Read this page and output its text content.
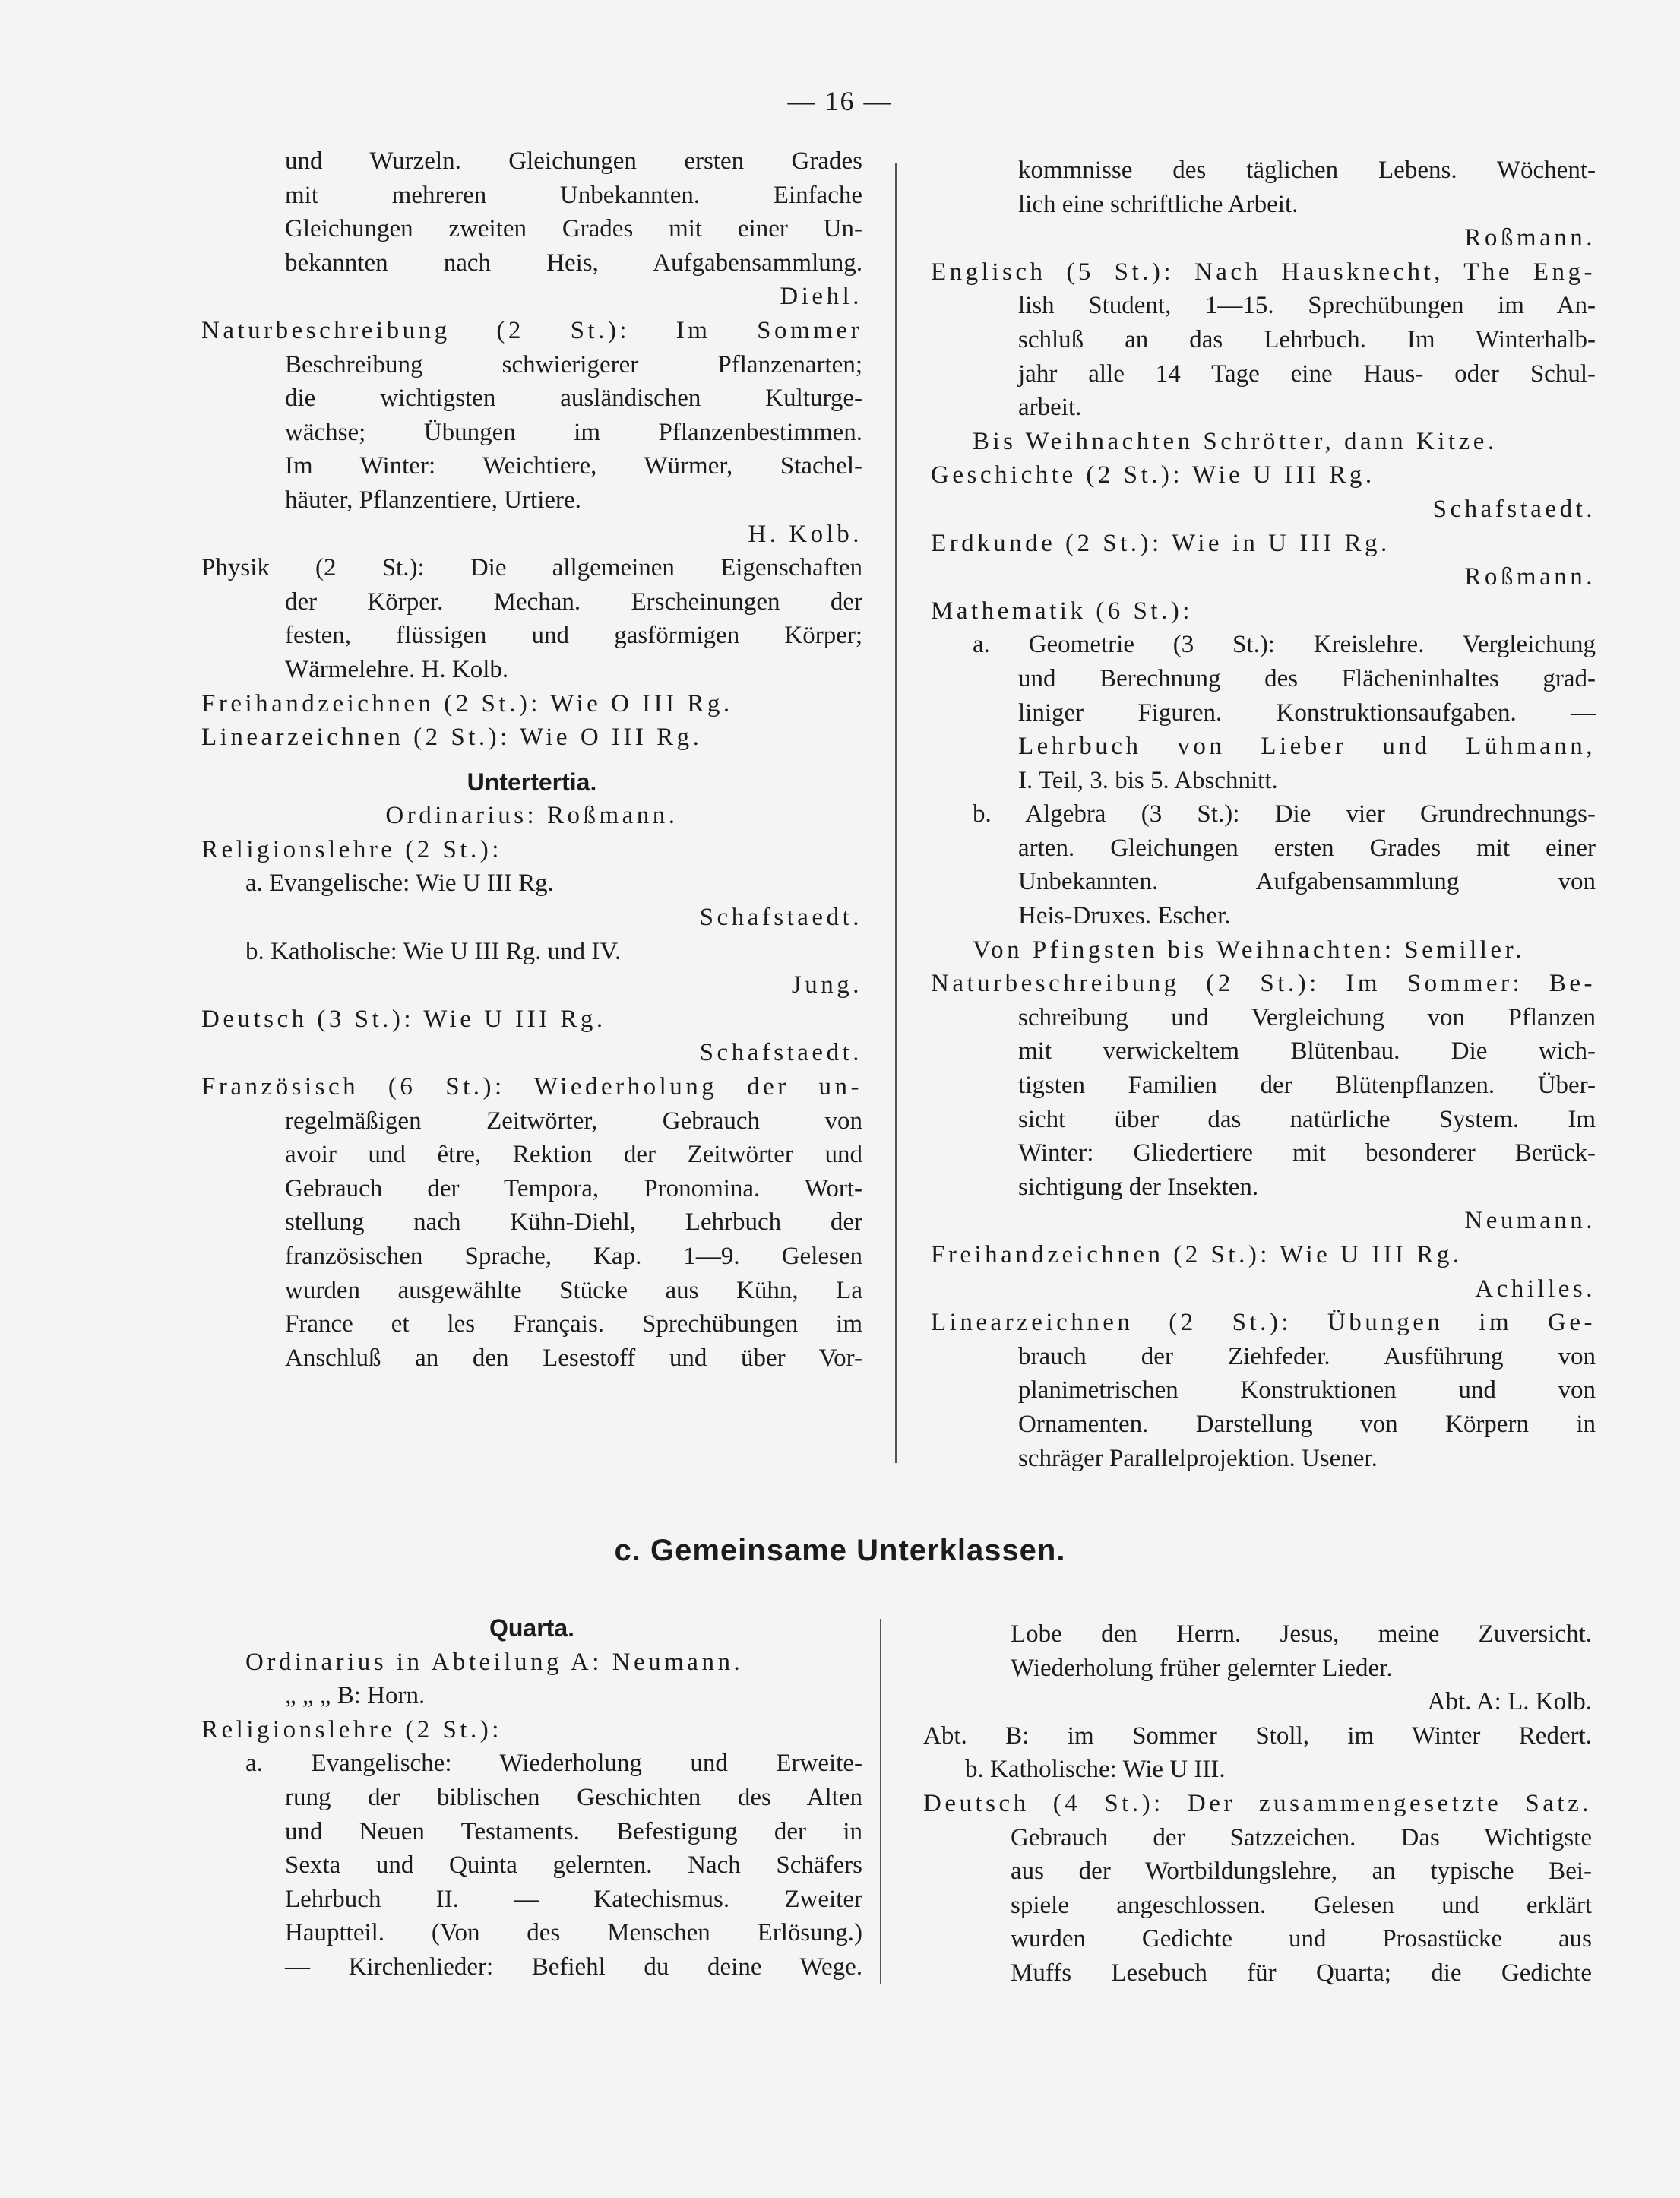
— 16 —
und Wurzeln. Gleichungen ersten Grades
mit mehreren Unbekannten. Einfache
Gleichungen zweiten Grades mit einer Un-
bekannten nach Heis, Aufgabensammlung.
Diehl.
Naturbeschreibung (2 St.): Im Sommer
Beschreibung schwierigerer Pflanzenarten;
die wichtigsten ausländischen Kulturge-
wächse; Übungen im Pflanzenbestimmen.
Im Winter: Weichtiere, Würmer, Stachel-
häuter, Pflanzentiere, Urtiere.
H. Kolb.
Physik (2 St.): Die allgemeinen Eigenschaften
der Körper. Mechan. Erscheinungen der
festen, flüssigen und gasförmigen Körper;
Wärmelehre. H. Kolb.
Freihandzeichnen (2 St.): Wie O III Rg.
Linearzeichnen (2 St.): Wie O III Rg.
Untertertia.
Ordinarius: Roßmann.
Religionslehre (2 St.):
a. Evangelische: Wie U III Rg.
Schafstaedt.
b. Katholische: Wie U III Rg. und IV.
Jung.
Deutsch (3 St.): Wie U III Rg.
Schafstaedt.
Französisch (6 St.): Wiederholung der un-
regelmäßigen Zeitwörter, Gebrauch von
avoir und être, Rektion der Zeitwörter und
Gebrauch der Tempora, Pronomina. Wort-
stellung nach Kühn-Diehl, Lehrbuch der
französischen Sprache, Kap. 1—9. Gelesen
wurden ausgewählte Stücke aus Kühn, La
France et les Français. Sprechübungen im
Anschluß an den Lesestoff und über Vor-
kommnisse des täglichen Lebens. Wöchent-
lich eine schriftliche Arbeit.
Roßmann.
Englisch (5 St.): Nach Hausknecht, The Eng-
lish Student, 1—15. Sprechübungen im An-
schluß an das Lehrbuch. Im Winterhalb-
jahr alle 14 Tage eine Haus- oder Schul-
arbeit.
Bis Weihnachten Schrötter, dann Kitze.
Geschichte (2 St.): Wie U III Rg.
Schafstaedt.
Erdkunde (2 St.): Wie in U III Rg.
Roßmann.
Mathematik (6 St.):
a. Geometrie (3 St.): Kreislehre. Vergleichung
und Berechnung des Flächeninhaltes grad-
liniger Figuren. Konstruktionsaufgaben. —
Lehrbuch von Lieber und Lühmann,
I. Teil, 3. bis 5. Abschnitt.
b. Algebra (3 St.): Die vier Grundrechnungs-
arten. Gleichungen ersten Grades mit einer
Unbekannten. Aufgabensammlung von
Heis-Druxes. Escher.
Von Pfingsten bis Weihnachten: Semiller.
Naturbeschreibung (2 St.): Im Sommer: Be-
schreibung und Vergleichung von Pflanzen
mit verwickeltem Blütenbau. Die wich-
tigsten Familien der Blütenpflanzen. Über-
sicht über das natürliche System. Im
Winter: Gliedertiere mit besonderer Berück-
sichtigung der Insekten.
Neumann.
Freihandzeichnen (2 St.): Wie U III Rg.
Achilles.
Linearzeichnen (2 St.): Übungen im Ge-
brauch der Ziehfeder. Ausführung von
planimetrischen Konstruktionen und von
Ornamenten. Darstellung von Körpern in
schräger Parallelprojektion. Usener.
c. Gemeinsame Unterklassen.
Quarta.
Ordinarius in Abteilung A: Neumann.
„ „ „ B: Horn.
Religionslehre (2 St.):
a. Evangelische: Wiederholung und Erweite-
rung der biblischen Geschichten des Alten
und Neuen Testaments. Befestigung der in
Sexta und Quinta gelernten. Nach Schäfers
Lehrbuch II. — Katechismus. Zweiter
Hauptteil. (Von des Menschen Erlösung.)
— Kirchenlieder: Befiehl du deine Wege.
Lobe den Herrn. Jesus, meine Zuversicht.
Wiederholung früher gelernter Lieder.
Abt. A: L. Kolb.
Abt. B: im Sommer Stoll, im Winter Redert.
b. Katholische: Wie U III.
Deutsch (4 St.): Der zusammengesetzte Satz.
Gebrauch der Satzzeichen. Das Wichtigste
aus der Wortbildungslehre, an typische Bei-
spiele angeschlossen. Gelesen und erklärt
wurden Gedichte und Prosastücke aus
Muffs Lesebuch für Quarta; die Gedichte
